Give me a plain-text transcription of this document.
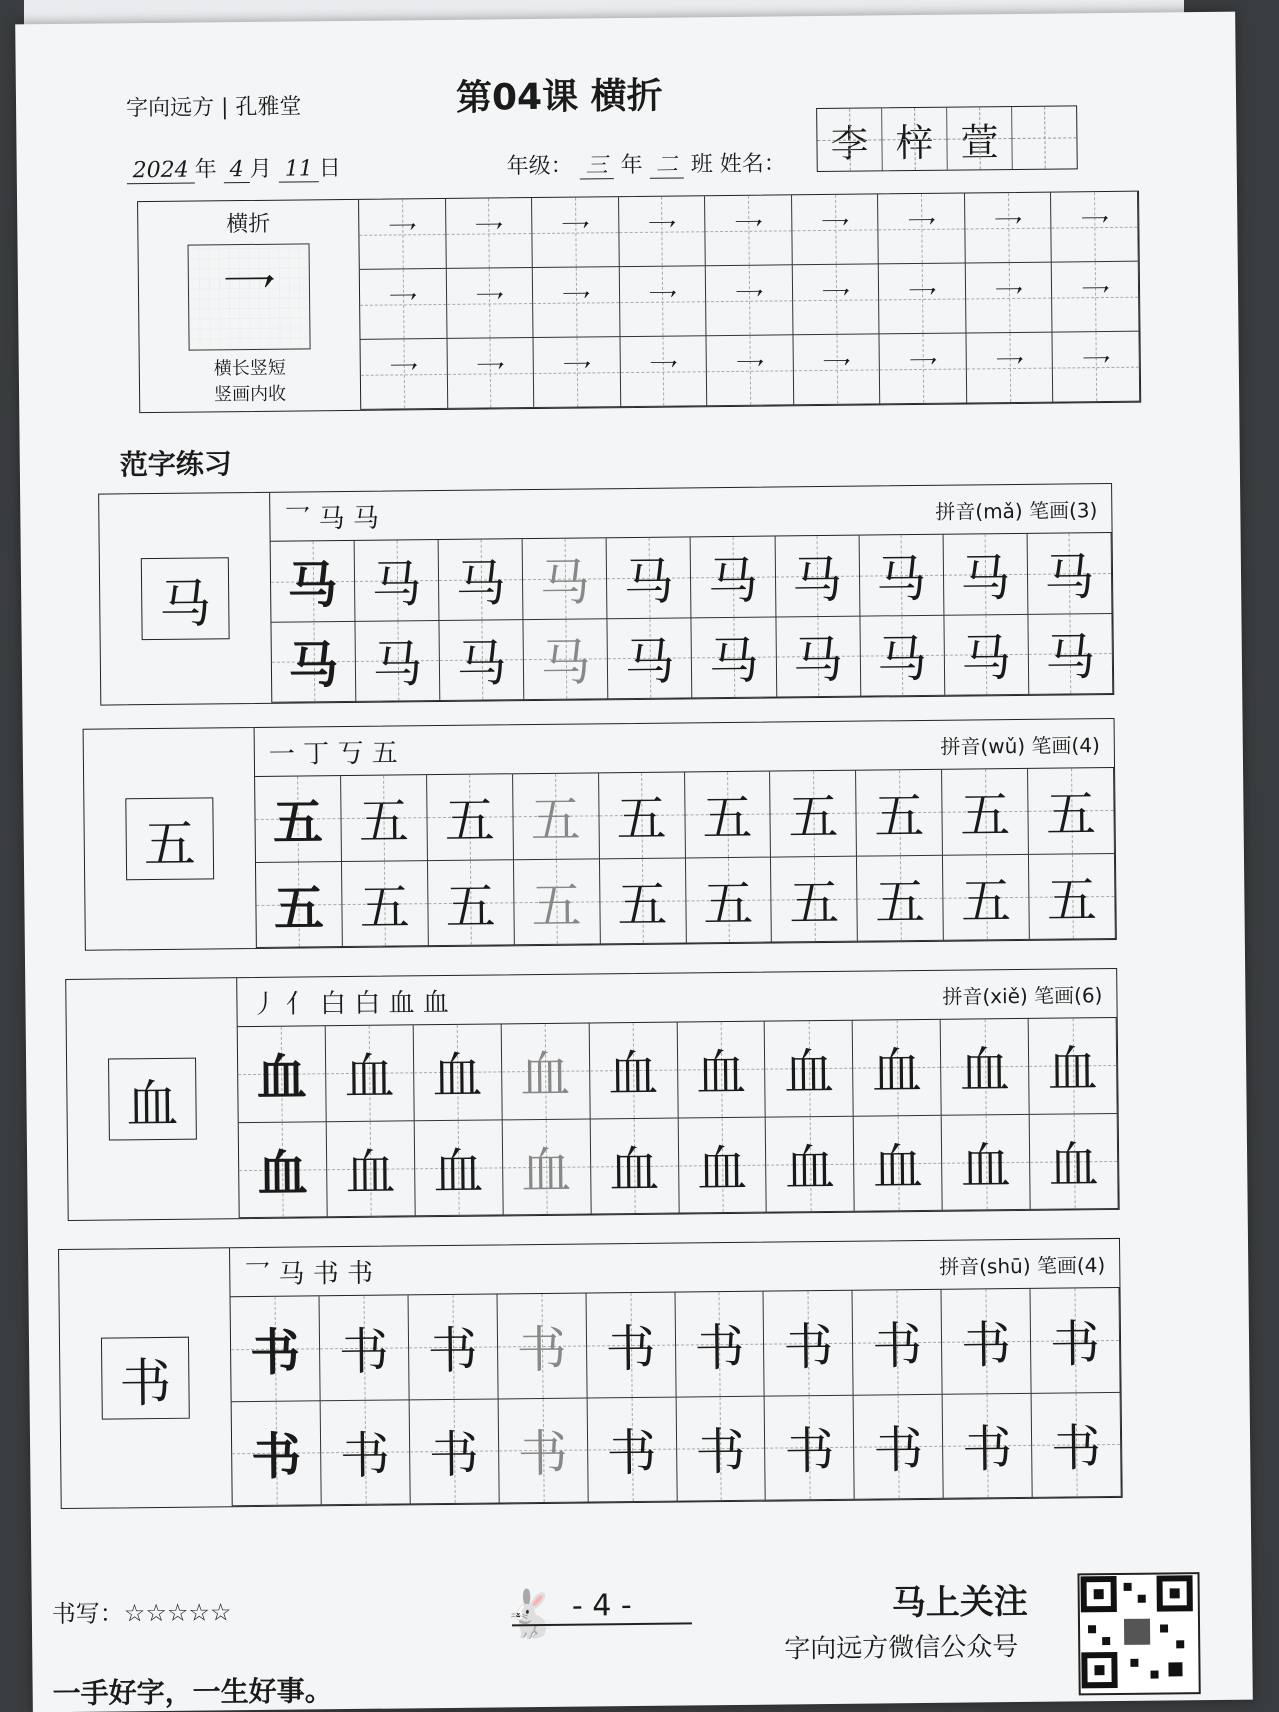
字向远方 | 孔雅堂	第04课 横折
2024 年 4 月 11 日	年级： 三 年 二 班 姓名：	李 梓 萱
横折
乛
横长竖短
竖画内收
乛 乛 乛 乛 乛 乛 乛 乛 乛
乛 乛 乛 乛 乛 乛 乛 乛 乛
乛 乛 乛 乛 乛 乛 乛 乛 乛
范字练习
马
乛 马 马	拼音(mǎ) 笔画(3)
马 马 马 马 马 马 马 马 马 马
马 马 马 马 马 马 马 马 马 马
五
一 丁 丂 五	拼音(wǔ) 笔画(4)
五 五 五 五 五 五 五 五 五 五
五 五 五 五 五 五 五 五 五 五
血
丿 亻 白 白 血 血	拼音(xiě) 笔画(6)
血 血 血 血 血 血 血 血 血 血
血 血 血 血 血 血 血 血 血 血
书
乛 马 书 书	拼音(shū) 笔画(4)
书 书 书 书 书 书 书 书 书 书
书 书 书 书 书 书 书 书 书 书
书写：☆☆☆☆☆
一手好字，一生好事。
🐇 - 4 -	马上关注
字向远方微信公众号
